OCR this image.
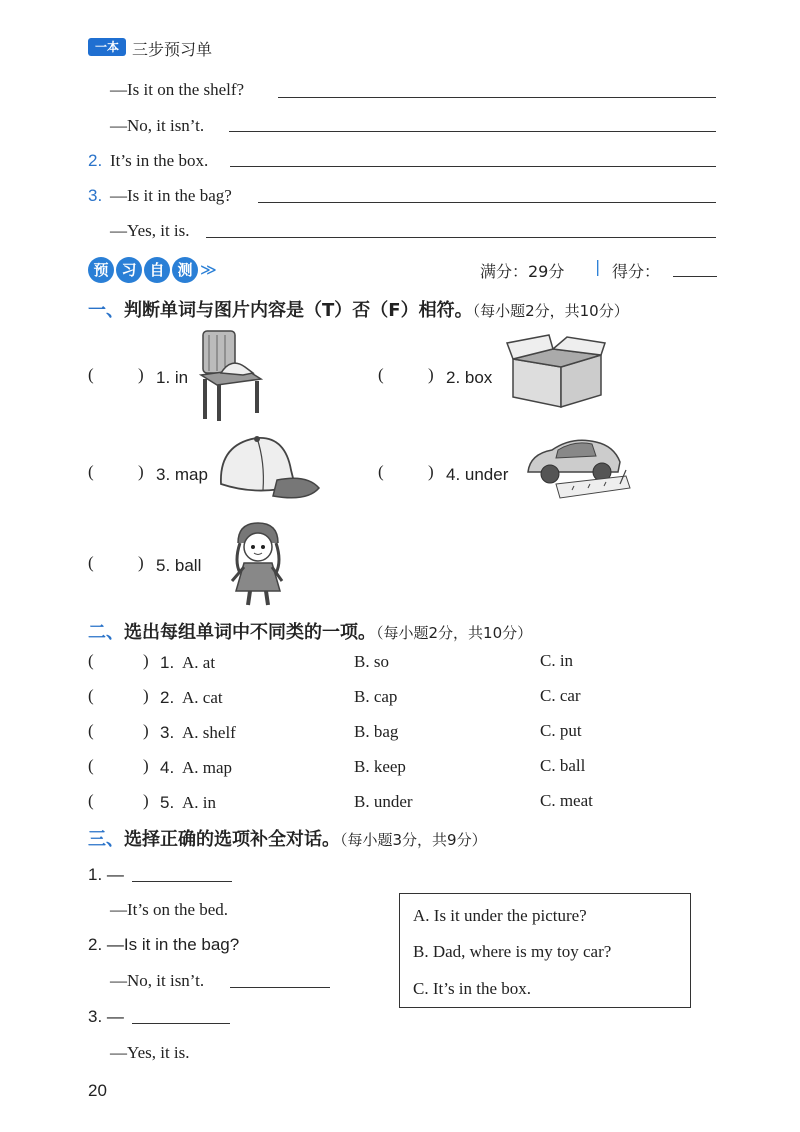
一本 三步预习单
—Is it on the shelf?
—No, it isn’t.
2. It’s in the box.
3. —Is it in the bag?
—Yes, it is.
预 习 自 测 ≫	满分：29分 | 得分：
一、判断单词与图片内容是（T）否（F）相符。（每小题2分，共10分）
(	) 1. in	(	) 2. box
(	) 3. map	(	) 4. under
(	) 5. ball
二、选出每组单词中不同类的一项。（每小题2分，共10分）
(	) 1. A. at	B. so	C. in
(	) 2. A. cat	B. cap	C. car
(	) 3. A. shelf	B. bag	C. put
(	) 4. A. map	B. keep	C. ball
(	) 5. A. in	B. under	C. meat
三、选择正确的选项补全对话。（每小题3分，共9分）
1. —
—It’s on the bed.
2. —Is it in the bag?
—No, it isn’t.
3. —
—Yes, it is.
A. Is it under the picture?
B. Dad, where is my toy car?
C. It’s in the box.
20
